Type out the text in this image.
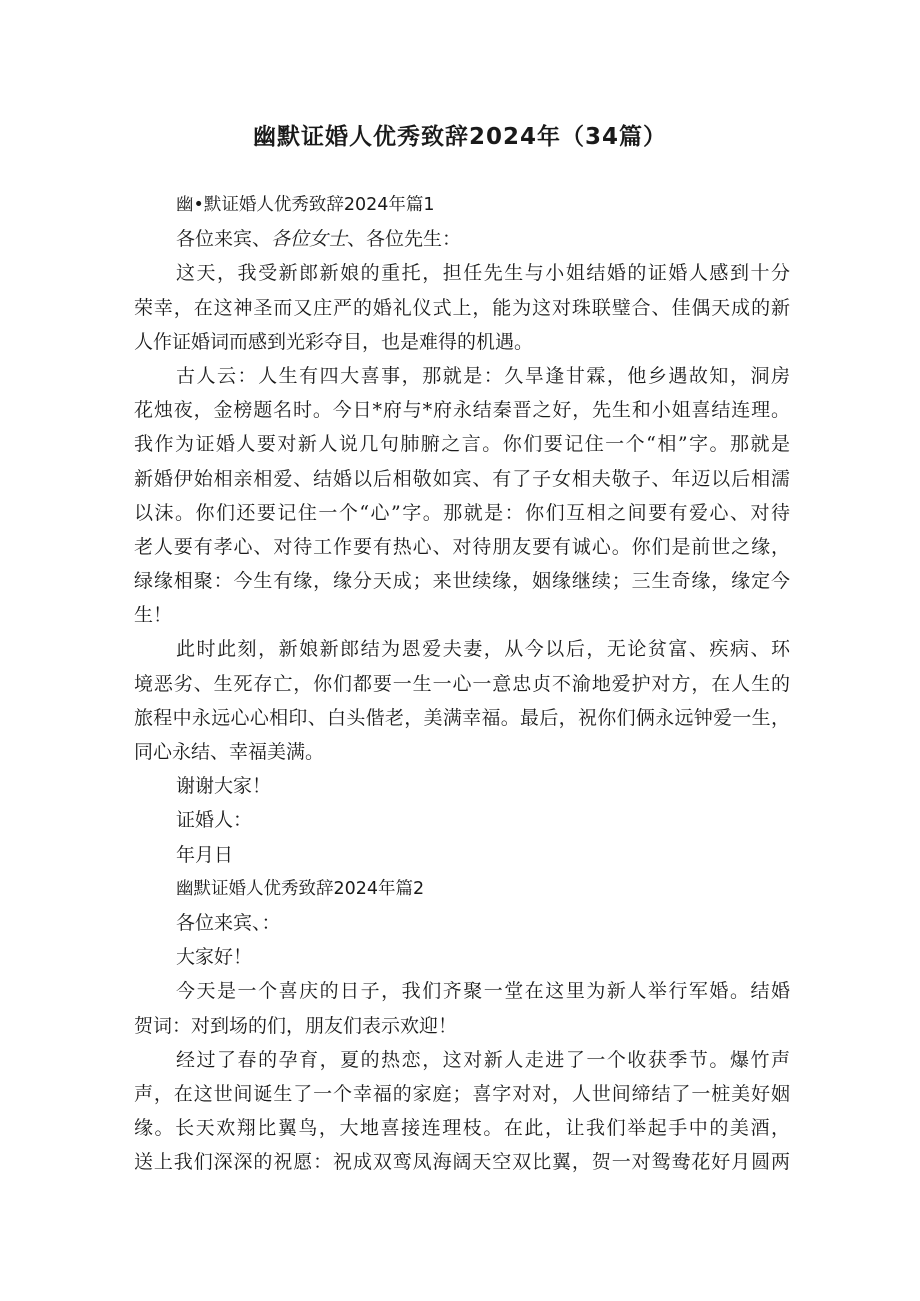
幽默证婚人优秀致辞2024年（34篇）
幽•默证婚人优秀致辞2024年篇1
各位来宾、各位女士、各位先生：
这天，我受新郎新娘的重托，担任先生与小姐结婚的证婚人感到十分
荣幸，在这神圣而又庄严的婚礼仪式上，能为这对珠联璧合、佳偶天成的新
人作证婚词而感到光彩夺目，也是难得的机遇。
古人云：人生有四大喜事，那就是：久旱逢甘霖，他乡遇故知，洞房
花烛夜，金榜题名时。今日*府与*府永结秦晋之好，先生和小姐喜结连理。
我作为证婚人要对新人说几句肺腑之言。你们要记住一个“相”字。那就是
新婚伊始相亲相爱、结婚以后相敬如宾、有了子女相夫敬子、年迈以后相濡
以沫。你们还要记住一个“心”字。那就是：你们互相之间要有爱心、对待
老人要有孝心、对待工作要有热心、对待朋友要有诚心。你们是前世之缘，
绿缘相聚：今生有缘，缘分天成；来世续缘，姻缘继续；三生奇缘，缘定今
生！
此时此刻，新娘新郎结为恩爱夫妻，从今以后，无论贫富、疾病、环
境恶劣、生死存亡，你们都要一生一心一意忠贞不渝地爱护对方，在人生的
旅程中永远心心相印、白头偕老，美满幸福。最后，祝你们俩永远钟爱一生，
同心永结、幸福美满。
谢谢大家！
证婚人：
年月日
幽默证婚人优秀致辞2024年篇2
各位来宾、：
大家好！
今天是一个喜庆的日子，我们齐聚一堂在这里为新人举行军婚。结婚
贺词：对到场的们，朋友们表示欢迎！
经过了春的孕育，夏的热恋，这对新人走进了一个收获季节。爆竹声
声，在这世间诞生了一个幸福的家庭；喜字对对，人世间缔结了一桩美好姻
缘。长天欢翔比翼鸟，大地喜接连理枝。在此，让我们举起手中的美酒，
送上我们深深的祝愿：祝成双鸾凤海阔天空双比翼，贺一对鸳鸯花好月圆两
